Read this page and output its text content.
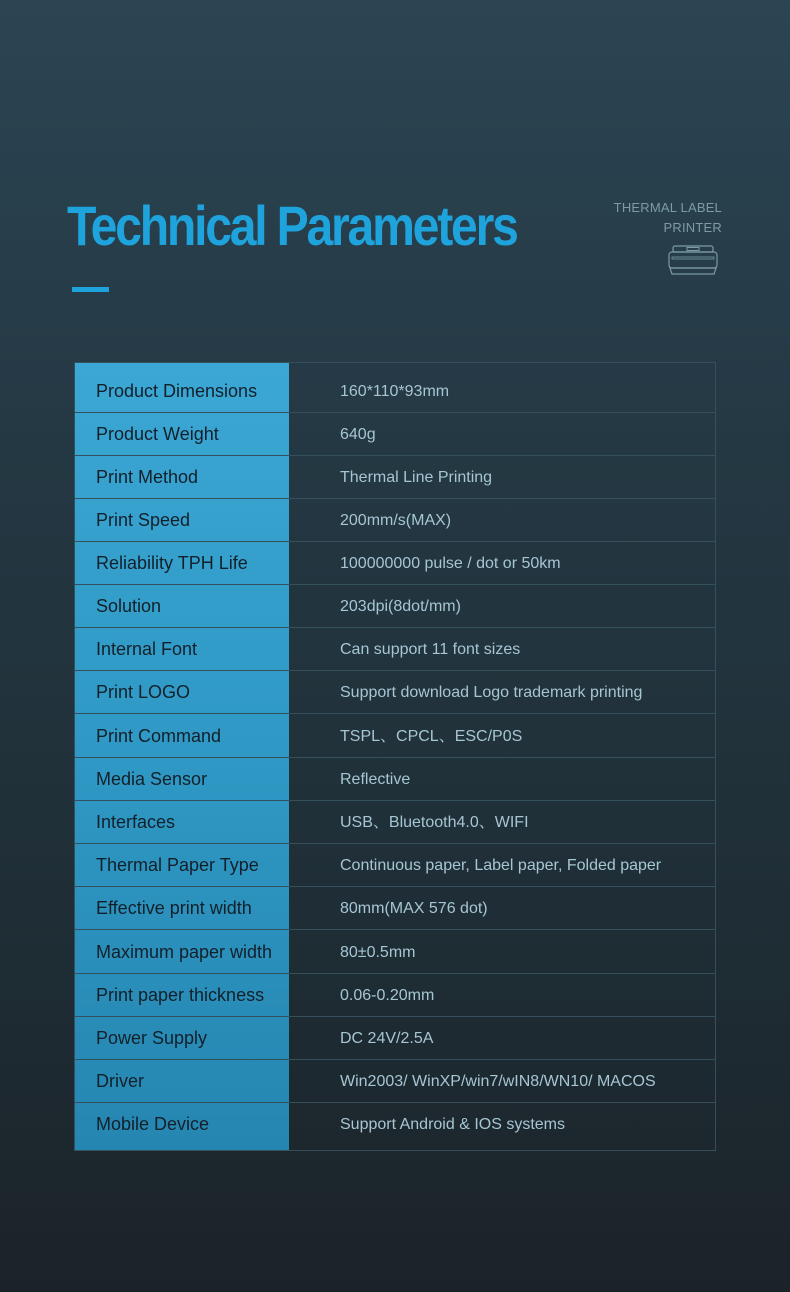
Technical Parameters	THERMAL LABEL
PRINTER
Product Dimensions	160*110*93mm
Product Weight	640g
Print Method	Thermal Line Printing
Print Speed	200mm/s(MAX)
Reliability TPH Life	100000000 pulse / dot or 50km
Solution	203dpi(8dot/mm)
Internal Font	Can support 11 font sizes
Print LOGO	Support download Logo trademark printing
Print Command	TSPL、CPCL、ESC/P0S
Media Sensor	Reflective
Interfaces	USB、Bluetooth4.0、WIFI
Thermal Paper Type	Continuous paper, Label paper, Folded paper
Effective print width	80mm(MAX 576 dot)
Maximum paper width	80±0.5mm
Print paper thickness	0.06-0.20mm
Power Supply	DC 24V/2.5A
Driver	Win2003/ WinXP/win7/wIN8/WN10/ MACOS
Mobile Device	Support Android & IOS systems
